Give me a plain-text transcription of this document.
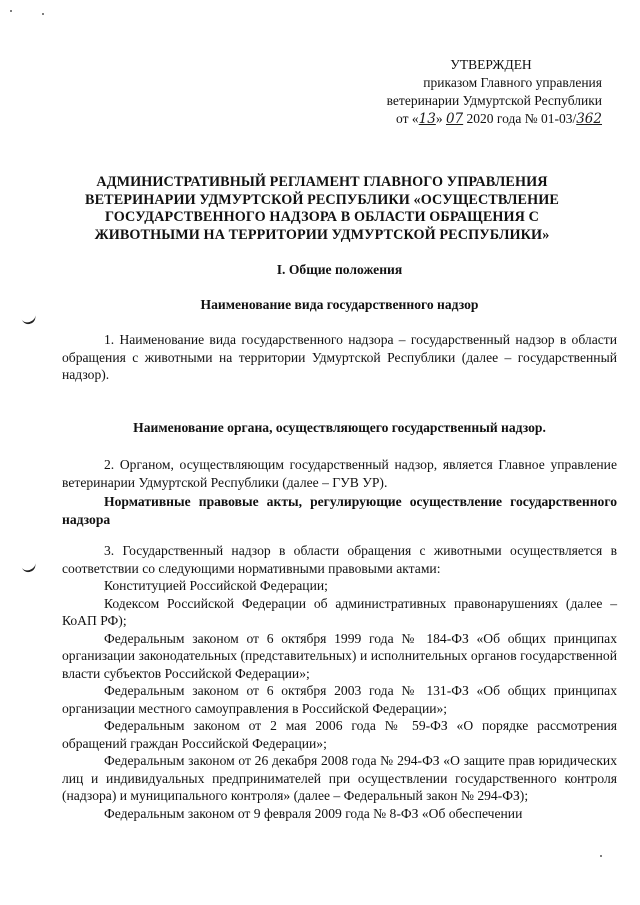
УТВЕРЖДЕН
приказом Главного управления
ветеринарии Удмуртской Республики
от «13» 07 2020 года № 01-03/362
АДМИНИСТРАТИВНЫЙ РЕГЛАМЕНТ ГЛАВНОГО УПРАВЛЕНИЯ ВЕТЕРИНАРИИ УДМУРТСКОЙ РЕСПУБЛИКИ «ОСУЩЕСТВЛЕНИЕ ГОСУДАРСТВЕННОГО НАДЗОРА В ОБЛАСТИ ОБРАЩЕНИЯ С ЖИВОТНЫМИ НА ТЕРРИТОРИИ УДМУРТСКОЙ РЕСПУБЛИКИ»
I. Общие положения
Наименование вида государственного надзор
1. Наименование вида государственного надзора – государственный надзор в области обращения с животными на территории Удмуртской Республики (далее – государственный надзор).
Наименование органа, осуществляющего государственный надзор.
2. Органом, осуществляющим государственный надзор, является Главное управление ветеринарии Удмуртской Республики (далее – ГУВ УР).
Нормативные правовые акты, регулирующие осуществление государственного надзора
3. Государственный надзор в области обращения с животными осуществляется в соответствии со следующими нормативными правовыми актами:
Конституцией Российской Федерации;
Кодексом Российской Федерации об административных правонарушениях (далее – КоАП РФ);
Федеральным законом от 6 октября 1999 года № 184-ФЗ «Об общих принципах организации законодательных (представительных) и исполнительных органов государственной власти субъектов Российской Федерации»;
Федеральным законом от 6 октября 2003 года № 131-ФЗ «Об общих принципах организации местного самоуправления в Российской Федерации»;
Федеральным законом от 2 мая 2006 года № 59-ФЗ «О порядке рассмотрения обращений граждан Российской Федерации»;
Федеральным законом от 26 декабря 2008 года № 294-ФЗ «О защите прав юридических лиц и индивидуальных предпринимателей при осуществлении государственного контроля (надзора) и муниципального контроля» (далее – Федеральный закон № 294-ФЗ);
Федеральным законом от 9 февраля 2009 года № 8-ФЗ «Об обеспечении
